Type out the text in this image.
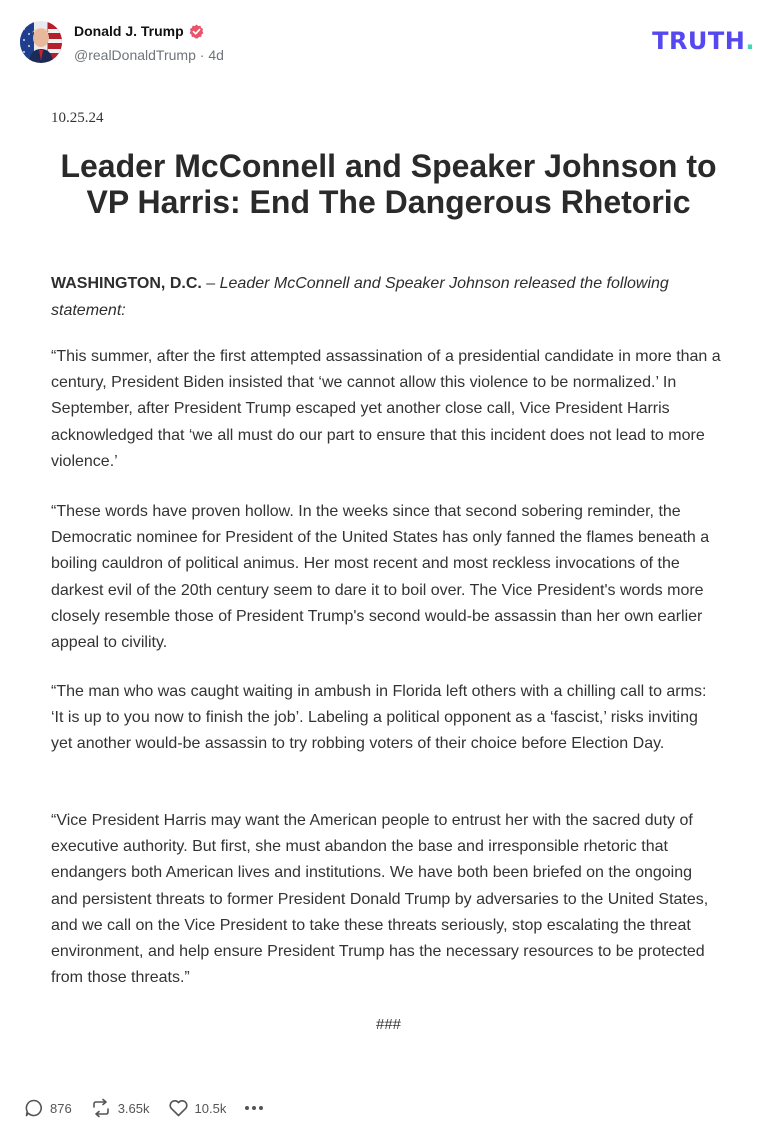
Donald J. Trump
@realDonaldTrump · 4d	TRUTH.
10.25.24
Leader McConnell and Speaker Johnson to VP Harris: End The Dangerous Rhetoric
WASHINGTON, D.C. – Leader McConnell and Speaker Johnson released the following statement:
“This summer, after the first attempted assassination of a presidential candidate in more than a century, President Biden insisted that ‘we cannot allow this violence to be normalized.’ In September, after President Trump escaped yet another close call, Vice President Harris acknowledged that ‘we all must do our part to ensure that this incident does not lead to more violence.’
“These words have proven hollow. In the weeks since that second sobering reminder, the Democratic nominee for President of the United States has only fanned the flames beneath a boiling cauldron of political animus. Her most recent and most reckless invocations of the darkest evil of the 20th century seem to dare it to boil over. The Vice President's words more closely resemble those of President Trump's second would-be assassin than her own earlier appeal to civility.
“The man who was caught waiting in ambush in Florida left others with a chilling call to arms: ‘It is up to you now to finish the job’. Labeling a political opponent as a ‘fascist,’ risks inviting yet another would-be assassin to try robbing voters of their choice before Election Day.
“Vice President Harris may want the American people to entrust her with the sacred duty of executive authority. But first, she must abandon the base and irresponsible rhetoric that endangers both American lives and institutions. We have both been briefed on the ongoing and persistent threats to former President Donald Trump by adversaries to the United States, and we call on the Vice President to take these threats seriously, stop escalating the threat environment, and help ensure President Trump has the necessary resources to be protected from those threats.”
###
876	3.65k	10.5k
